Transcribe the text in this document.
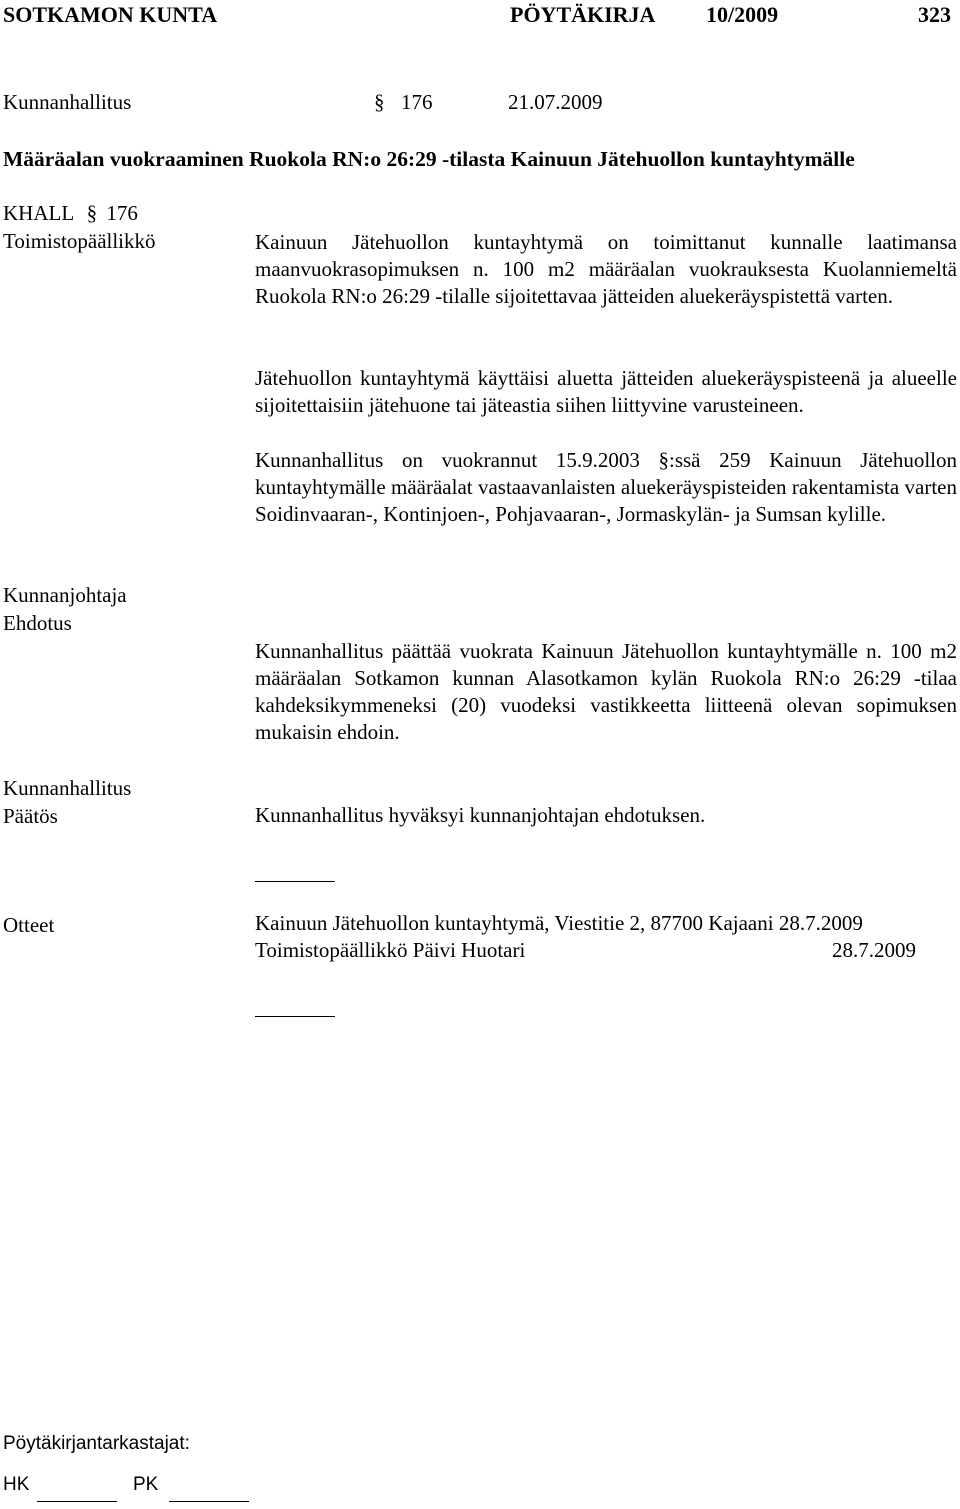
SOTKAMON KUNTA	PÖYTÄKIRJA 10/2009	323
Kunnanhallitus	§ 176	21.07.2009
Määräalan vuokraaminen Ruokola RN:o 26:29 -tilasta Kainuun Jätehuollon kuntayhtymälle
KHALL § 176
Toimistopäällikkö	Kainuun Jätehuollon kuntayhtymä on toimittanut kunnalle laatimansa maanvuokrasopimuksen n. 100 m2 määräalan vuokrauksesta Kuolanniemeltä Ruokola RN:o 26:29 -tilalle sijoitettavaa jätteiden aluekeräyspistettä varten.
Jätehuollon kuntayhtymä käyttäisi aluetta jätteiden aluekeräyspisteenä ja alueelle sijoitettaisiin jätehuone tai jäteastia siihen liittyvine varusteineen.
Kunnanhallitus on vuokrannut 15.9.2003 §:ssä 259 Kainuun Jätehuollon kuntayhtymälle määräalat vastaavanlaisten aluekeräyspisteiden rakentamista varten Soidinvaaran-, Kontinjoen-, Pohjavaaran-, Jormaskylän- ja Sumsan kylille.
Kunnanjohtaja
Ehdotus
Kunnanhallitus päättää vuokrata Kainuun Jätehuollon kuntayhtymälle n. 100 m2 määräalan Sotkamon kunnan Alasotkamon kylän Ruokola RN:o 26:29 -tilaa kahdeksikymmeneksi (20) vuodeksi vastikkeetta liitteenä olevan sopimuksen mukaisin ehdoin.
Kunnanhallitus
Päätös	Kunnanhallitus hyväksyi kunnanjohtajan ehdotuksen.
Otteet	Kainuun Jätehuollon kuntayhtymä, Viestitie 2, 87700 Kajaani 28.7.2009
Toimistopäällikkö Päivi Huotari	28.7.2009
Pöytäkirjantarkastajat:
HK	PK
